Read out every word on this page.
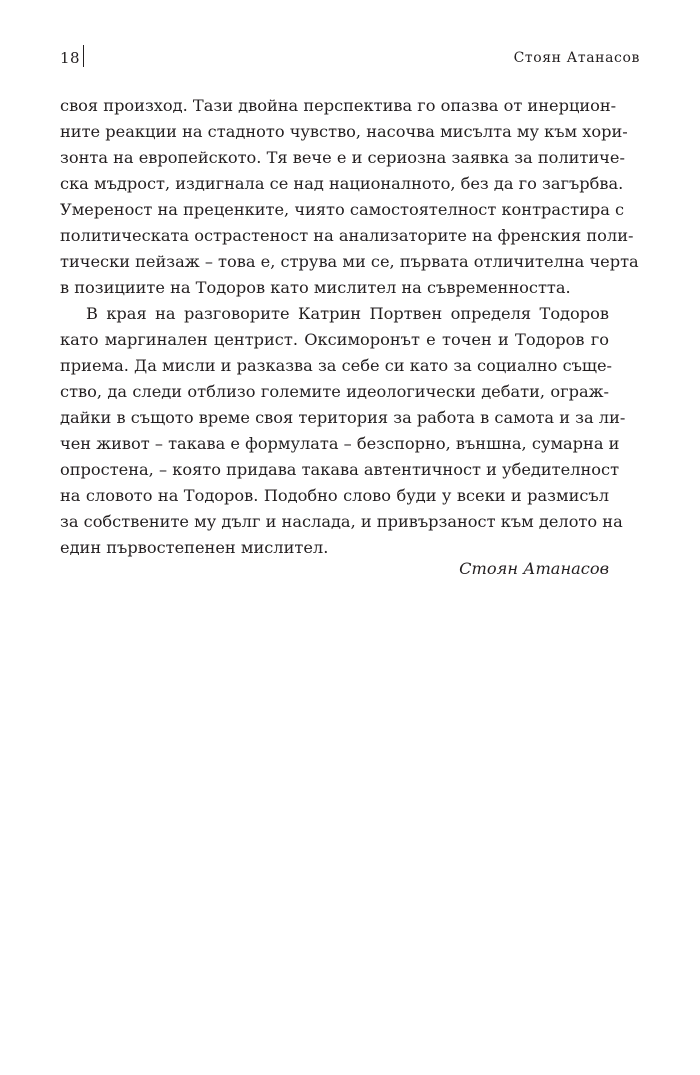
18	Стоян Атанасов
своя произход. Тази двойна перспектива го опазва от инерцион-
ните реакции на стадното чувство, насочва мисълта му към хори-
зонта на европейското. Тя вече е и сериозна заявка за политиче-
ска мъдрост, издигнала се над националното, без да го загърбва.
Умереност на преценките, чиято самостоятелност контрастира с
политическата острастеност на анализаторите на френския поли-
тически пейзаж – това е, струва ми се, първата отличителна черта
в позициите на Тодоров като мислител на съвременността.
В края на разговорите Катрин Портвен определя Тодоров
като маргинален центрист. Оксиморонът е точен и Тодоров го
приема. Да мисли и разказва за себе си като за социално съще-
ство, да следи отблизо големите идеологически дебати, ограж-
дайки в същото време своя територия за работа в самота и за ли-
чен живот – такава е формулата – безспорно, външна, сумарна и
опростена, – която придава такава автентичност и убедителност
на словото на Тодоров. Подобно слово буди у всеки и размисъл
за собствените му дълг и наслада, и привързаност към делото на
един първостепенен мислител.
Стоян Атанасов
